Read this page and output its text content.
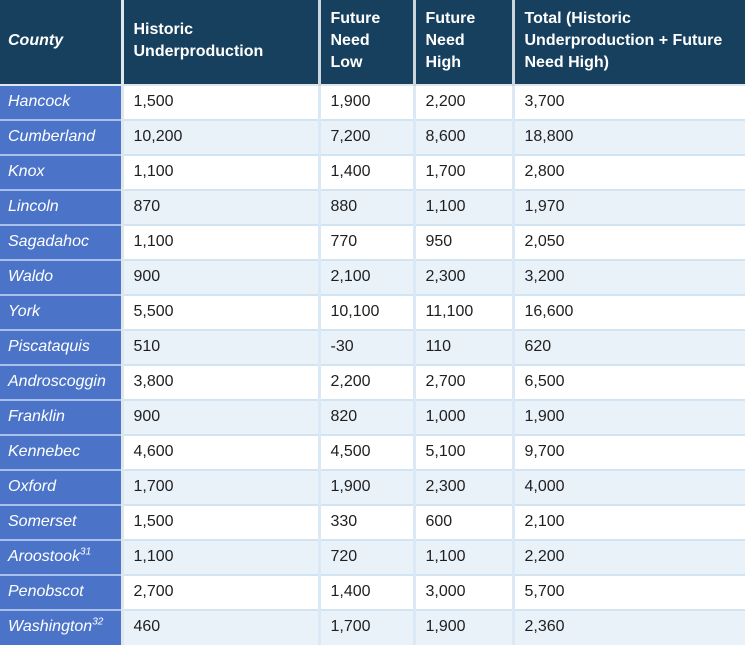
County	Historic Underproduction	Future Need Low	Future Need High	Total (Historic Underproduction + Future Need High)
Hancock	1,500	1,900	2,200	3,700
Cumberland	10,200	7,200	8,600	18,800
Knox	1,100	1,400	1,700	2,800
Lincoln	870	880	1,100	1,970
Sagadahoc	1,100	770	950	2,050
Waldo	900	2,100	2,300	3,200
York	5,500	10,100	11,100	16,600
Piscataquis	510	-30	110	620
Androscoggin	3,800	2,200	2,700	6,500
Franklin	900	820	1,000	1,900
Kennebec	4,600	4,500	5,100	9,700
Oxford	1,700	1,900	2,300	4,000
Somerset	1,500	330	600	2,100
Aroostook$^{31}$	1,100	720	1,100	2,200
Penobscot	2,700	1,400	3,000	5,700
Washington$^{32}$	460	1,700	1,900	2,360
